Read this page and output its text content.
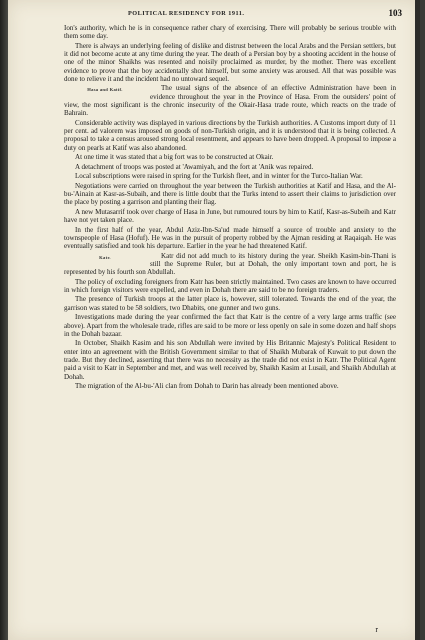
POLITICAL RESIDENCY FOR 1911.	103

Ion's authority, which he is in consequence rather chary of exercising. There will probably be serious trouble with them some day.

There is always an underlying feeling of dislike and distrust between the local Arabs and the Persian settlers, but it did not become acute at any time during the year. The death of a Persian boy by a shooting accident in the house of one of the minor Shaikhs was resented and noisily proclaimed as murder, by the mother. There was excellent evidence to prove that the boy accidentally shot himself, but some anxiety was aroused. All that was possible was done to relieve it and the incident had no untoward sequel.

Hasa and Katif.	The usual signs of the absence of an effective Administration have been in evidence throughout the year in the Province of Hasa. From the outsiders' point of view, the most significant is the chronic insecurity of the Okair-Hasa trade route, which reacts on the trade of Bahrain.

Considerable activity was displayed in various directions by the Turkish authorities. A Customs import duty of 11 per cent. ad valorem was imposed on goods of non-Turkish origin, and it is understood that it is being collected. A proposal to take a census aroused strong local resentment, and appears to have been dropped. A proposal to impose a duty on pearls at Katif was also abandoned.

At one time it was stated that a big fort was to be constructed at Okair.

A detachment of troops was posted at 'Awamiyah, and the fort at 'Anik was repaired.

Local subscriptions were raised in spring for the Turkish fleet, and in winter for the Turco-Italian War.

Negotiations were carried on throughout the year between the Turkish authorities at Katif and Hasa, and the Al-bu-'Ainain at Kasr-as-Subaih, and there is little doubt that the Turks intend to assert their claims to jurisdiction over the place by posting a garrison and planting their flag.

A new Mutasarrif took over charge of Hasa in June, but rumoured tours by him to Katif, Kasr-as-Subeih and Katr have not yet taken place.

In the first half of the year, Abdul Aziz-Ibn-Sa'ud made himself a source of trouble and anxiety to the townspeople of Hasa (Hofuf). He was in the pursuit of property robbed by the Ajman residing at Raqaiqah. He was eventually satisfied and took his departure. Earlier in the year he had threatened Katif.

Katr.	Katr did not add much to its history during the year. Sheikh Kasim-bin-Thani is still the Supreme Ruler, but at Dohah, the only important town and port, he is represented by his fourth son Abdullah.

The policy of excluding foreigners from Katr has been strictly maintained. Two cases are known to have occurred in which foreign visitors were expelled, and even in Dohah there are said to be no foreign traders.

The presence of Turkish troops at the latter place is, however, still tolerated. Towards the end of the year, the garrison was stated to be 58 soldiers, two Dhabits, one gunner and two guns.

Investigations made during the year confirmed the fact that Katr is the centre of a very large arms traffic (see above). Apart from the wholesale trade, rifles are said to be more or less openly on sale in some dozen and half shops in the Dohah bazaar.

In October, Shaikh Kasim and his son Abdullah were invited by His Britannic Majesty's Political Resident to enter into an agreement with the British Government similar to that of Shaikh Mubarak of Kuwait to put down the trade. But they declined, asserting that there was no necessity as the trade did not exist in Katr. The Political Agent paid a visit to Katr in September and met, and was well received by, Shaikh Kasim at Lusail, and Shaikh Abdullah at Dohah.

The migration of the Al-bu-'Ali clan from Dohah to Darin has already been mentioned above.

r
